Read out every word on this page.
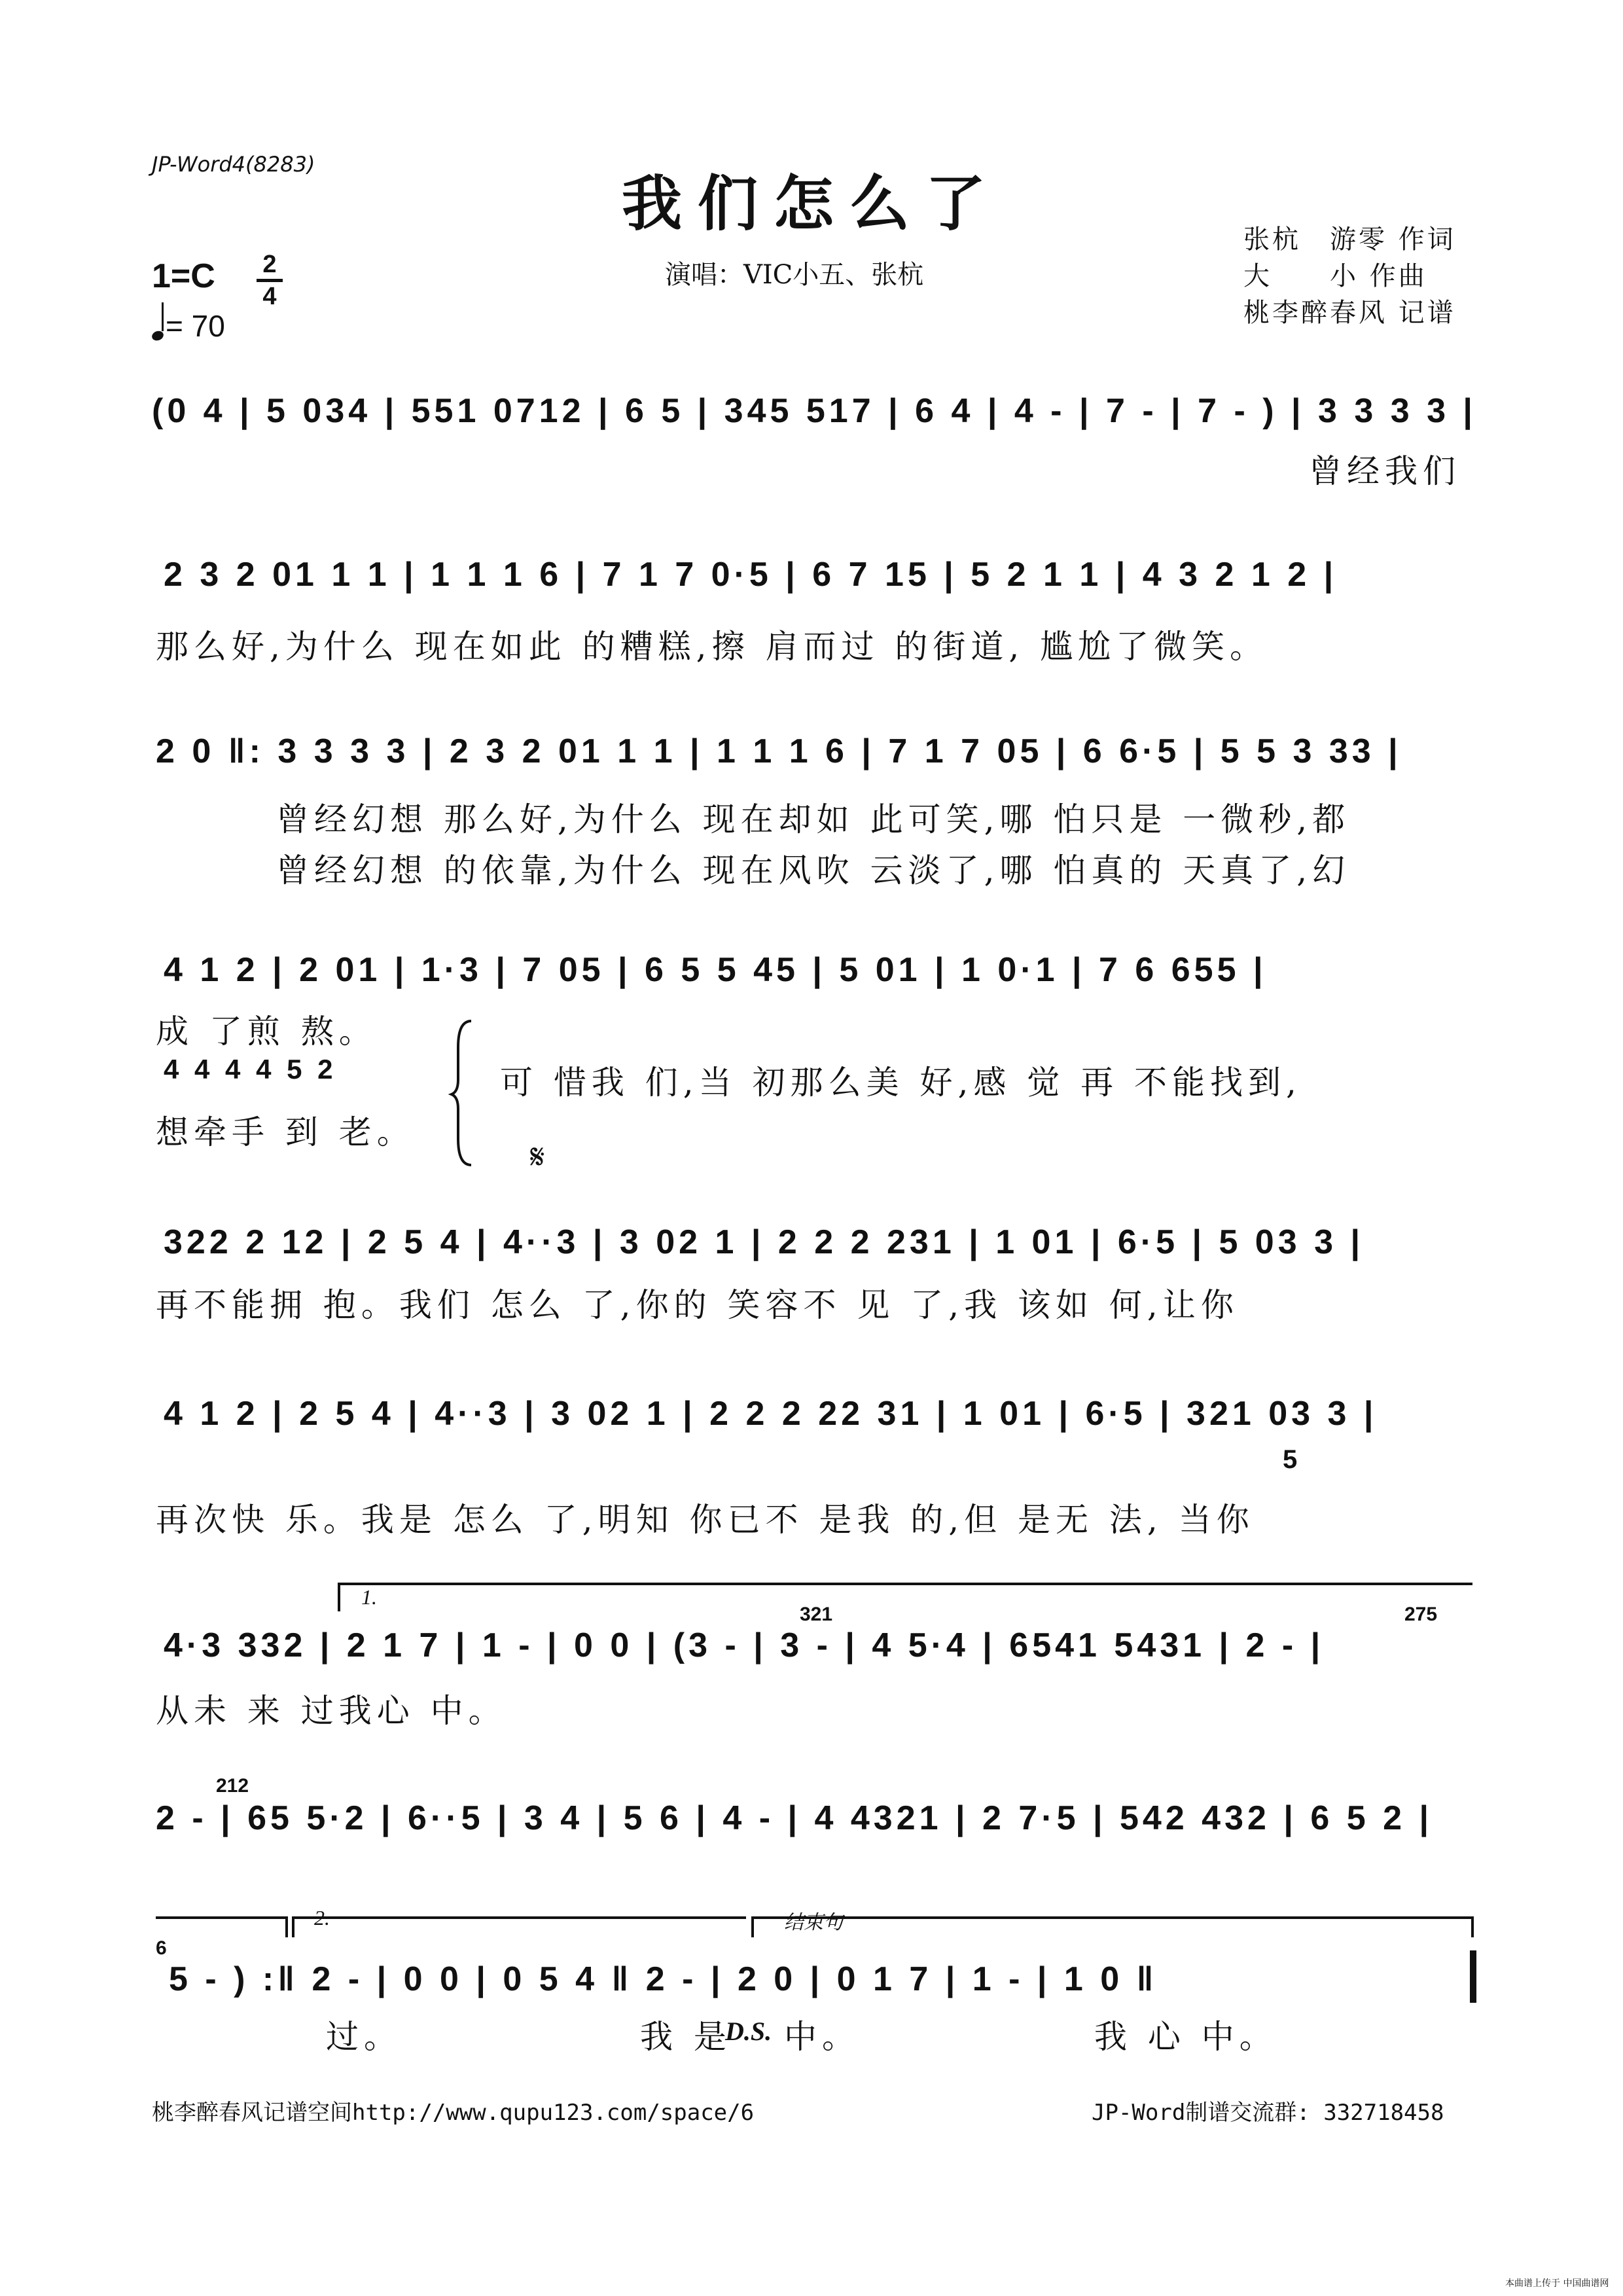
JP-Word4(8283)
我们怎么了
演唱：VIC小五、张杭
张杭　游零 作词
大　　小 作曲
桃李醉春风 记谱
1=C 2
4
= 70
(0 4 | 5 034 | 551 0712 | 6 5 | 345 517 | 6 4 | 4 - | 7 - | 7 - ) | 3 3 3 3 |
曾经我们
2 3 2 01 1 1 | 1 1 1 6 | 7 1 7 0·5 | 6 7 15 | 5 2 1 1 | 4 3 2 1 2 |
那么好,为什么 现在如此 的糟糕,擦 肩而过 的街道, 尴尬了微笑。
2 0 ‖: 3 3 3 3 | 2 3 2 01 1 1 | 1 1 1 6 | 7 1 7 05 | 6 6·5 | 5 5 3 33 |
曾经幻想 那么好,为什么 现在却如 此可笑,哪 怕只是 一微秒,都
曾经幻想 的依靠,为什么 现在风吹 云淡了,哪 怕真的 天真了,幻
4 1 2 | 2 01 | 1·3 | 7 05 | 6 5 5 45 | 5 01 | 1 0·1 | 7 6 655 |
成 了煎 熬。
4 4 4 4 5 2
想牵手 到 老。
可 惜我 们,当 初那么美 好,感 觉 再 不能找到,
𝄋
322 2 12 | 2 5 4 | 4··3 | 3 02 1 | 2 2 2 231 | 1 01 | 6·5 | 5 03 3 |
再不能拥 抱。我们 怎么 了,你的 笑容不 见 了,我 该如 何,让你
4 1 2 | 2 5 4 | 4··3 | 3 02 1 | 2 2 2 22 31 | 1 01 | 6·5 | 321 03 3 |
5
再次快 乐。我是 怎么 了,明知 你已不 是我 的,但 是无 法, 当你
1.
4·3 332 | 2 1 7 | 1 - | 0 0 | (3 - | 3 - | 4 5·4 | 6541 5431 | 2 - |
321	275
从未 来 过我心 中。
2 - | 65 5·2 | 6··5 | 3 4 | 5 6 | 4 - | 4 4321 | 2 7·5 | 542 432 | 6 5 2 |
212
2.	结束句
6
5 - ) :‖ 2 - | 0 0 | 0 5 4 ‖ 2 - | 2 0 | 0 1 7 | 1 - | 1 0 ‖
过。	我 是
D.S. 中。	我 心 中。
桃李醉春风记谱空间http://www.qupu123.com/space/6	JP-Word制谱交流群: 332718458
本曲谱上传于 中国曲谱网
